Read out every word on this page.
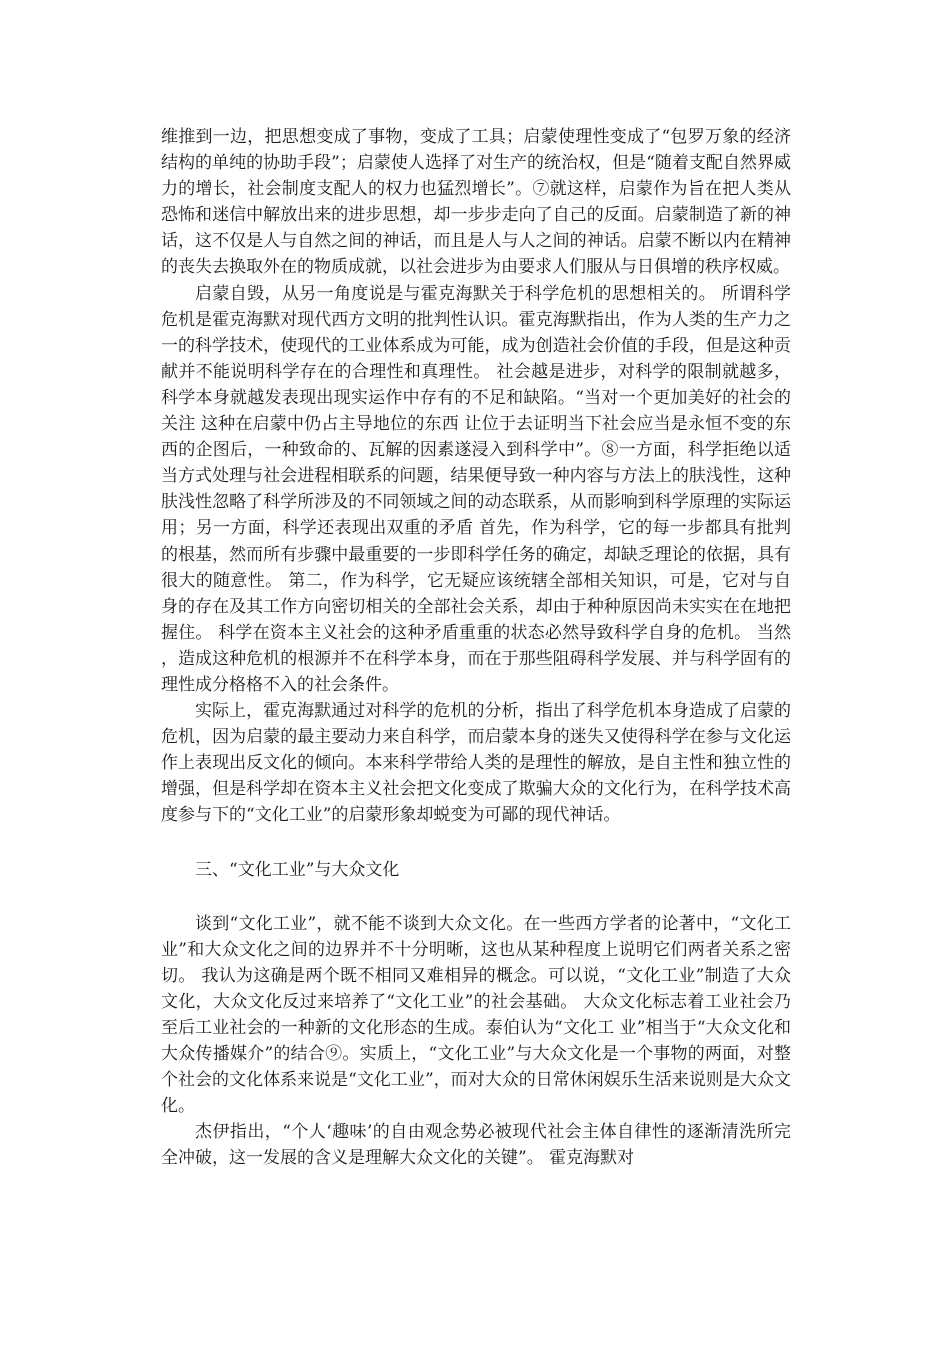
维推到一边，把思想变成了事物，变成了工具；启蒙使理性变成了“包罗万象的经济结构的单纯的协助手段”；启蒙使人选择了对生产的统治权，但是“随着支配自然界威力的增长，社会制度支配人的权力也猛烈增长”。⑦就这样，启蒙作为旨在把人类从恐怖和迷信中解放出来的进步思想，却一步步走向了自己的反面。启蒙制造了新的神话，这不仅是人与自然之间的神话，而且是人与人之间的神话。启蒙不断以内在精神的丧失去换取外在的物质成就，以社会进步为由要求人们服从与日俱增的秩序权威。

启蒙自毁，从另一角度说是与霍克海默关于科学危机的思想相关的。 所谓科学危机是霍克海默对现代西方文明的批判性认识。霍克海默指出，作为人类的生产力之一的科学技术，使现代的工业体系成为可能，成为创造社会价值的手段，但是这种贡献并不能说明科学存在的合理性和真理性。 社会越是进步，对科学的限制就越多，科学本身就越发表现出现实运作中存有的不足和缺陷。“当对一个更加美好的社会的关注 这种在启蒙中仍占主导地位的东西 让位于去证明当下社会应当是永恒不变的东西的企图后，一种致命的、瓦解的因素遂浸入到科学中”。⑧一方面，科学拒绝以适当方式处理与社会进程相联系的问题，结果便导致一种内容与方法上的肤浅性，这种肤浅性忽略了科学所涉及的不同领域之间的动态联系，从而影响到科学原理的实际运用；另一方面，科学还表现出双重的矛盾 首先，作为科学，它的每一步都具有批判的根基，然而所有步骤中最重要的一步即科学任务的确定，却缺乏理论的依据，具有很大的随意性。 第二，作为科学，它无疑应该统辖全部相关知识，可是，它对与自身的存在及其工作方向密切相关的全部社会关系，却由于种种原因尚未实实在在地把握住。 科学在资本主义社会的这种矛盾重重的状态必然导致科学自身的危机。 当然，造成这种危机的根源并不在科学本身，而在于那些阻碍科学发展、并与科学固有的理性成分格格不入的社会条件。

实际上，霍克海默通过对科学的危机的分析，指出了科学危机本身造成了启蒙的危机，因为启蒙的最主要动力来自科学，而启蒙本身的迷失又使得科学在参与文化运作上表现出反文化的倾向。本来科学带给人类的是理性的解放，是自主性和独立性的增强，但是科学却在资本主义社会把文化变成了欺骗大众的文化行为，在科学技术高度参与下的“文化工业”的启蒙形象却蜕变为可鄙的现代神话。

三、“文化工业”与大众文化

谈到“文化工业”，就不能不谈到大众文化。在一些西方学者的论著中，“文化工业”和大众文化之间的边界并不十分明晰，这也从某种程度上说明它们两者关系之密切。 我认为这确是两个既不相同又难相异的概念。可以说，“文化工业”制造了大众文化，大众文化反过来培养了“文化工业”的社会基础。 大众文化标志着工业社会乃至后工业社会的一种新的文化形态的生成。泰伯认为“文化工 业”相当于“大众文化和大众传播媒介”的结合⑨。实质上，“文化工业”与大众文化是一个事物的两面，对整个社会的文化体系来说是“文化工业”，而对大众的日常休闲娱乐生活来说则是大众文化。

杰伊指出，“个人‘趣味’的自由观念势必被现代社会主体自律性的逐渐清洗所完全冲破，这一发展的含义是理解大众文化的关键”。 霍克海默对
